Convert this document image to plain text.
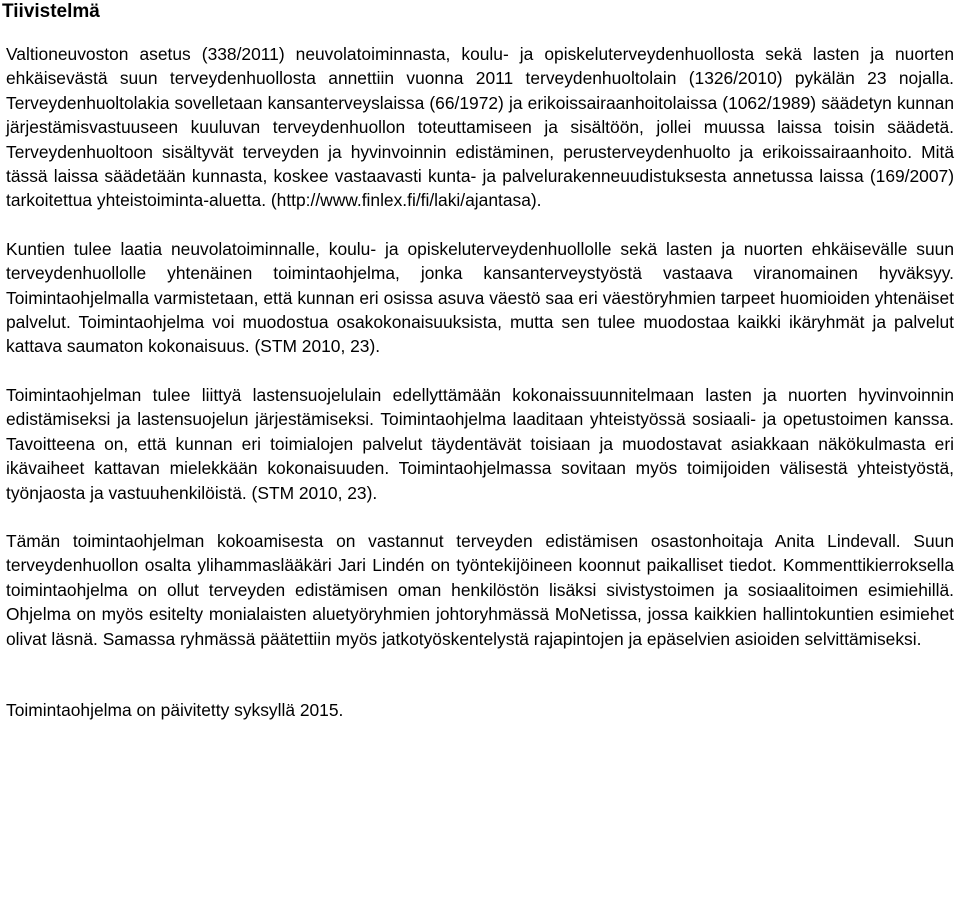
Tiivistelmä

Valtioneuvoston asetus (338/2011) neuvolatoiminnasta, koulu- ja opiskeluterveydenhuollosta sekä lasten ja nuorten ehkäisevästä suun terveydenhuollosta annettiin vuonna 2011 terveydenhuoltolain (1326/2010) pykälän 23 nojalla. Terveydenhuoltolakia sovelletaan kansanterveyslaissa (66/1972) ja erikoissairaanhoitolaissa (1062/1989) säädetyn kunnan järjestämisvastuuseen kuuluvan terveydenhuollon toteuttamiseen ja sisältöön, jollei muussa laissa toisin säädetä. Terveydenhuoltoon sisältyvät terveyden ja hyvinvoinnin edistäminen, perusterveydenhuolto ja erikoissairaanhoito. Mitä tässä laissa säädetään kunnasta, koskee vastaavasti kunta- ja palvelurakenneuudistuksesta annetussa laissa (169/2007) tarkoitettua yhteistoiminta-aluetta. (http://www.finlex.fi/fi/laki/ajantasa).

Kuntien tulee laatia neuvolatoiminnalle, koulu- ja opiskeluterveydenhuollolle sekä lasten ja nuorten ehkäisevälle suun terveydenhuollolle yhtenäinen toimintaohjelma, jonka kansanterveystyöstä vastaava viranomainen hyväksyy. Toimintaohjelmalla varmistetaan, että kunnan eri osissa asuva väestö saa eri väestöryhmien tarpeet huomioiden yhtenäiset palvelut. Toimintaohjelma voi muodostua osakokonaisuuksista, mutta sen tulee muodostaa kaikki ikäryhmät ja palvelut kattava saumaton kokonaisuus. (STM 2010, 23).

Toimintaohjelman tulee liittyä lastensuojelulain edellyttämään kokonaissuunnitelmaan lasten ja nuorten hyvinvoinnin edistämiseksi ja lastensuojelun järjestämiseksi. Toimintaohjelma laaditaan yhteistyössä sosiaali- ja opetustoimen kanssa. Tavoitteena on, että kunnan eri toimialojen palvelut täydentävät toisiaan ja muodostavat asiakkaan näkökulmasta eri ikävaiheet kattavan mielekkään kokonaisuuden. Toimintaohjelmassa sovitaan myös toimijoiden välisestä yhteistyöstä, työnjaosta ja vastuuhenkilöistä. (STM 2010, 23).

Tämän toimintaohjelman kokoamisesta on vastannut terveyden edistämisen osastonhoitaja Anita Lindevall. Suun terveydenhuollon osalta ylihammaslääkäri Jari Lindén on työntekijöineen koonnut paikalliset tiedot. Kommenttikierroksella toimintaohjelma on ollut terveyden edistämisen oman henkilöstön lisäksi sivistystoimen ja sosiaalitoimen esimiehillä. Ohjelma on myös esitelty monialaisten aluetyöryhmien johtoryhmässä MoNetissa, jossa kaikkien hallintokuntien esimiehet olivat läsnä. Samassa ryhmässä päätettiin myös jatkotyöskentelystä rajapintojen ja epäselvien asioiden selvittämiseksi.

Toimintaohjelma on päivitetty syksyllä 2015.
